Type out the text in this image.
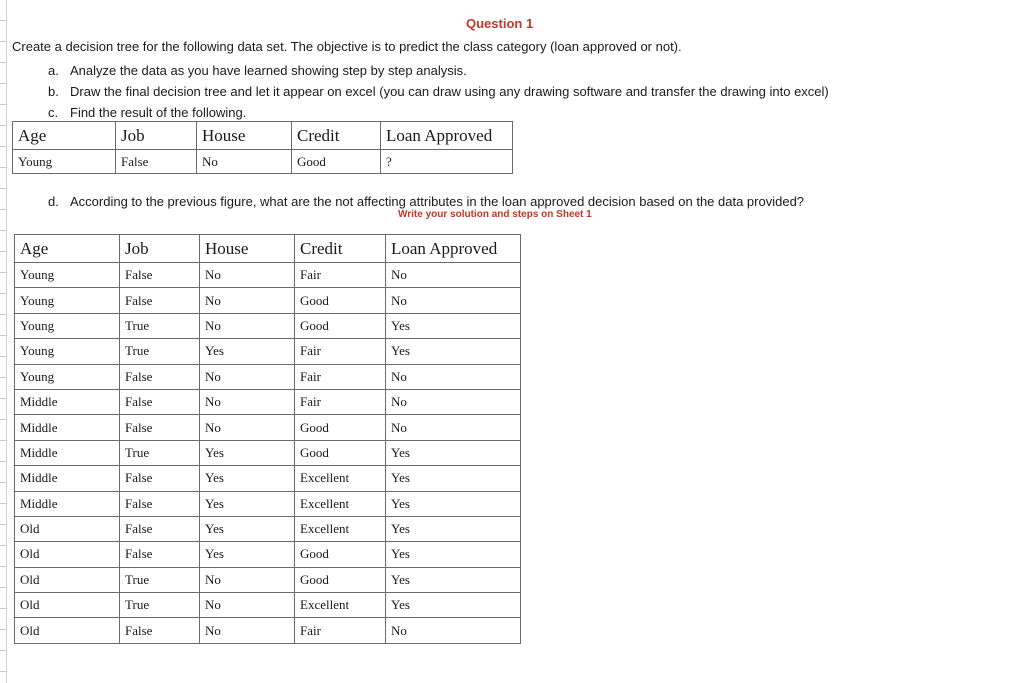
Question 1
Create a decision tree for the following data set. The objective is to predict the class category (loan approved or not).
a. Analyze the data as you have learned showing step by step analysis.
b. Draw the final decision tree and let it appear on excel (you can draw using any drawing software and transfer the drawing into excel)
c. Find the result of the following.
Age	Job	House	Credit	Loan Approved
Young	False	No	Good	?
d. According to the previous figure, what are the not affecting attributes in the loan approved decision based on the data provided?
Write your solution and steps on Sheet 1
Age	Job	House	Credit	Loan Approved
Young	False	No	Fair	No
Young	False	No	Good	No
Young	True	No	Good	Yes
Young	True	Yes	Fair	Yes
Young	False	No	Fair	No
Middle	False	No	Fair	No
Middle	False	No	Good	No
Middle	True	Yes	Good	Yes
Middle	False	Yes	Excellent	Yes
Middle	False	Yes	Excellent	Yes
Old	False	Yes	Excellent	Yes
Old	False	Yes	Good	Yes
Old	True	No	Good	Yes
Old	True	No	Excellent	Yes
Old	False	No	Fair	No
